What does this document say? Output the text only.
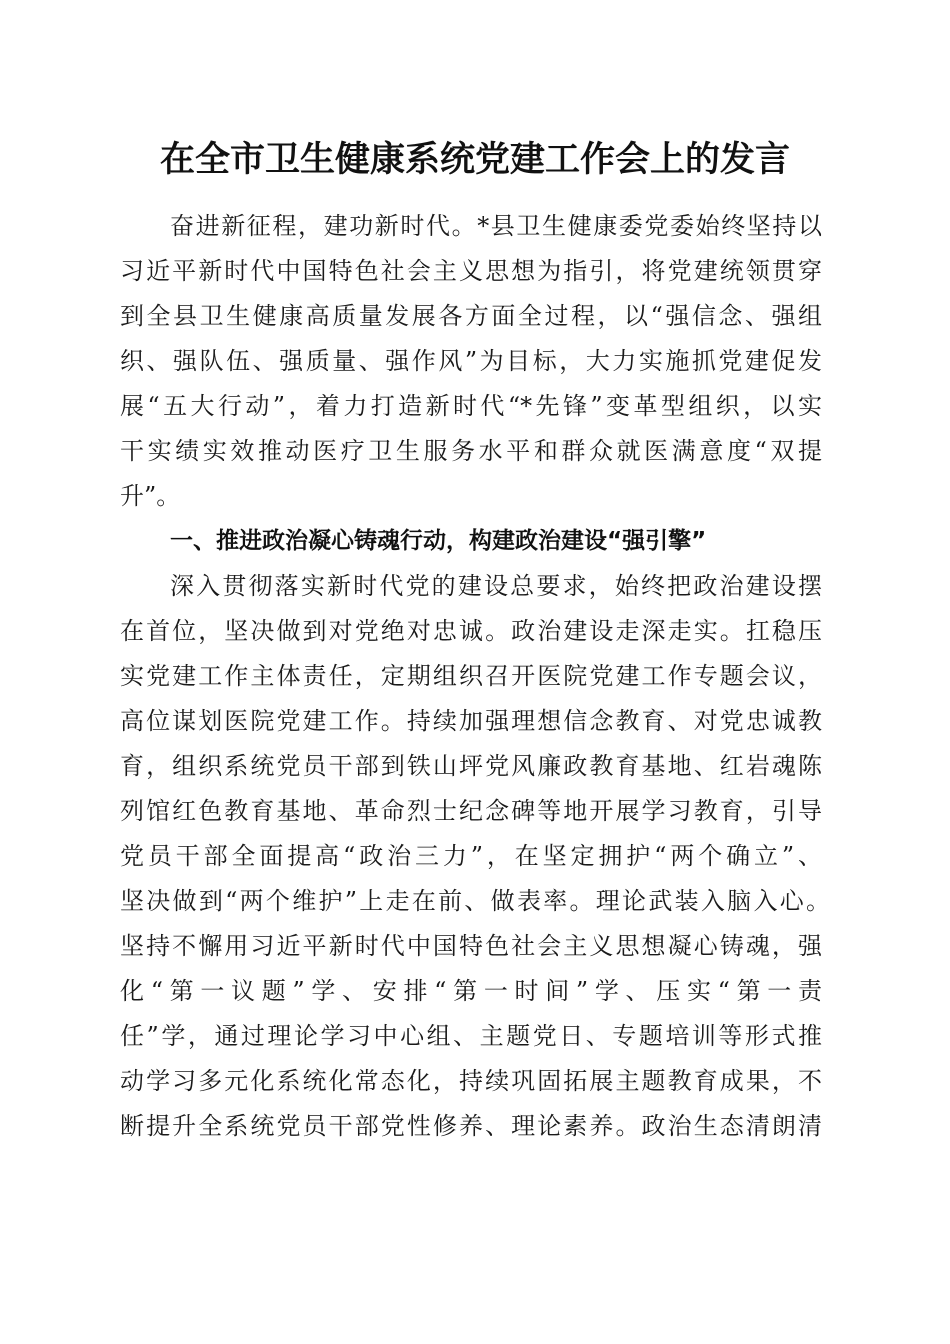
在全市卫生健康系统党建工作会上的发言

奋进新征程，建功新时代。*县卫生健康委党委始终坚持以

习近平新时代中国特色社会主义思想为指引，将党建统领贯穿

到全县卫生健康高质量发展各方面全过程，以“强信念、强组

织、强队伍、强质量、强作风”为目标，大力实施抓党建促发

展“五大行动”，着力打造新时代“*先锋”变革型组织，以实

干实绩实效推动医疗卫生服务水平和群众就医满意度“双提

升”。

一、推进政治凝心铸魂行动，构建政治建设“强引擎”

深入贯彻落实新时代党的建设总要求，始终把政治建设摆

在首位，坚决做到对党绝对忠诚。政治建设走深走实。扛稳压

实党建工作主体责任，定期组织召开医院党建工作专题会议，

高位谋划医院党建工作。持续加强理想信念教育、对党忠诚教

育，组织系统党员干部到铁山坪党风廉政教育基地、红岩魂陈

列馆红色教育基地、革命烈士纪念碑等地开展学习教育，引导

党员干部全面提高“政治三力”，在坚定拥护“两个确立”、

坚决做到“两个维护”上走在前、做表率。理论武装入脑入心。

坚持不懈用习近平新时代中国特色社会主义思想凝心铸魂，强

化“第一议题”学、安排“第一时间”学、压实“第一责

任”学，通过理论学习中心组、主题党日、专题培训等形式推

动学习多元化系统化常态化，持续巩固拓展主题教育成果，不

断提升全系统党员干部党性修养、理论素养。政治生态清朗清
